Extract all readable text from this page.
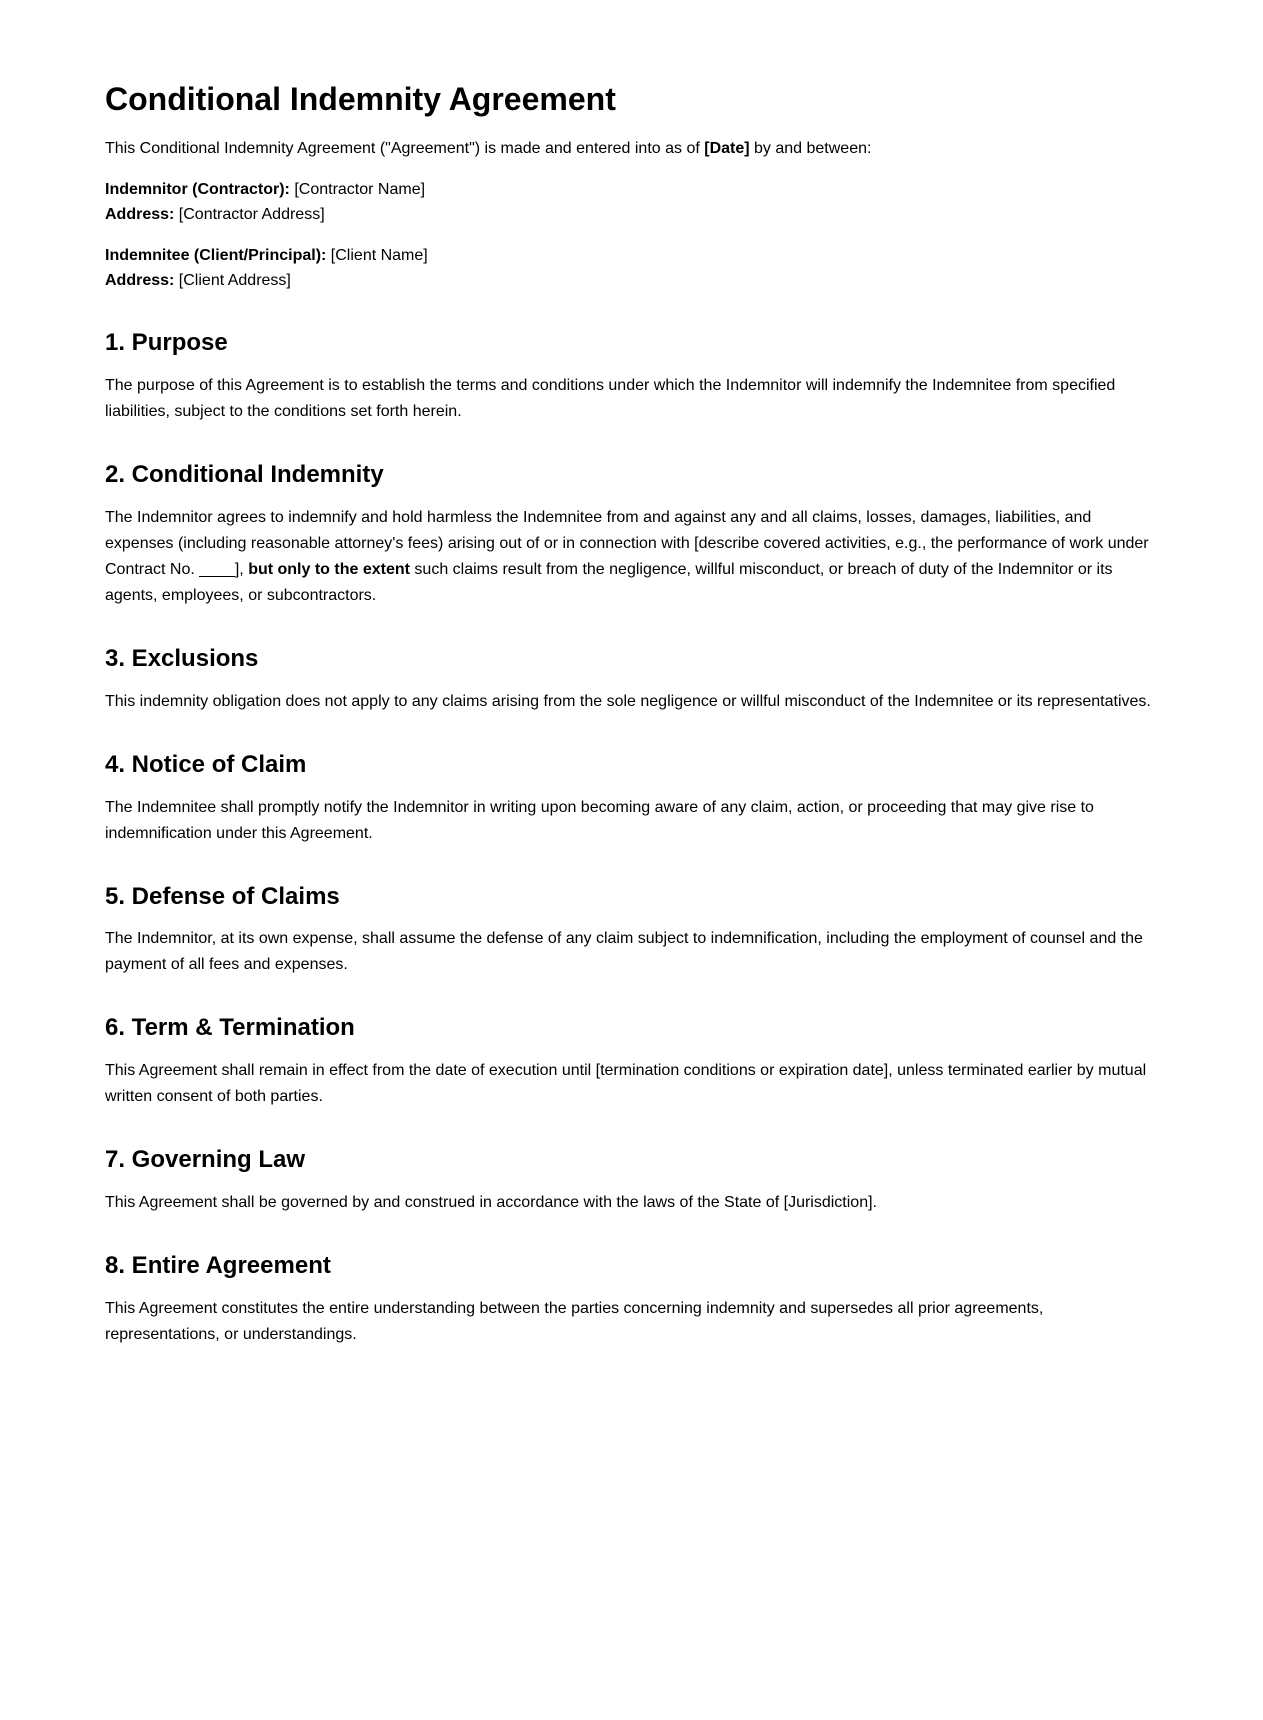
Conditional Indemnity Agreement

This Conditional Indemnity Agreement ("Agreement") is made and entered into as of [Date] by and between:

Indemnitor (Contractor): [Contractor Name]
Address: [Contractor Address]
Indemnitee (Client/Principal): [Client Name]
Address: [Client Address]
1. Purpose

The purpose of this Agreement is to establish the terms and conditions under which the Indemnitor will indemnify the Indemnitee from specified liabilities, subject to the conditions set forth herein.

2. Conditional Indemnity

The Indemnitor agrees to indemnify and hold harmless the Indemnitee from and against any and all claims, losses, damages, liabilities, and expenses (including reasonable attorney's fees) arising out of or in connection with [describe covered activities, e.g., the performance of work under Contract No. ____], but only to the extent such claims result from the negligence, willful misconduct, or breach of duty of the Indemnitor or its agents, employees, or subcontractors.

3. Exclusions

This indemnity obligation does not apply to any claims arising from the sole negligence or willful misconduct of the Indemnitee or its representatives.

4. Notice of Claim

The Indemnitee shall promptly notify the Indemnitor in writing upon becoming aware of any claim, action, or proceeding that may give rise to indemnification under this Agreement.

5. Defense of Claims

The Indemnitor, at its own expense, shall assume the defense of any claim subject to indemnification, including the employment of counsel and the payment of all fees and expenses.

6. Term & Termination

This Agreement shall remain in effect from the date of execution until [termination conditions or expiration date], unless terminated earlier by mutual written consent of both parties.

7. Governing Law

This Agreement shall be governed by and construed in accordance with the laws of the State of [Jurisdiction].

8. Entire Agreement

This Agreement constitutes the entire understanding between the parties concerning indemnity and supersedes all prior agreements, representations, or understandings.
